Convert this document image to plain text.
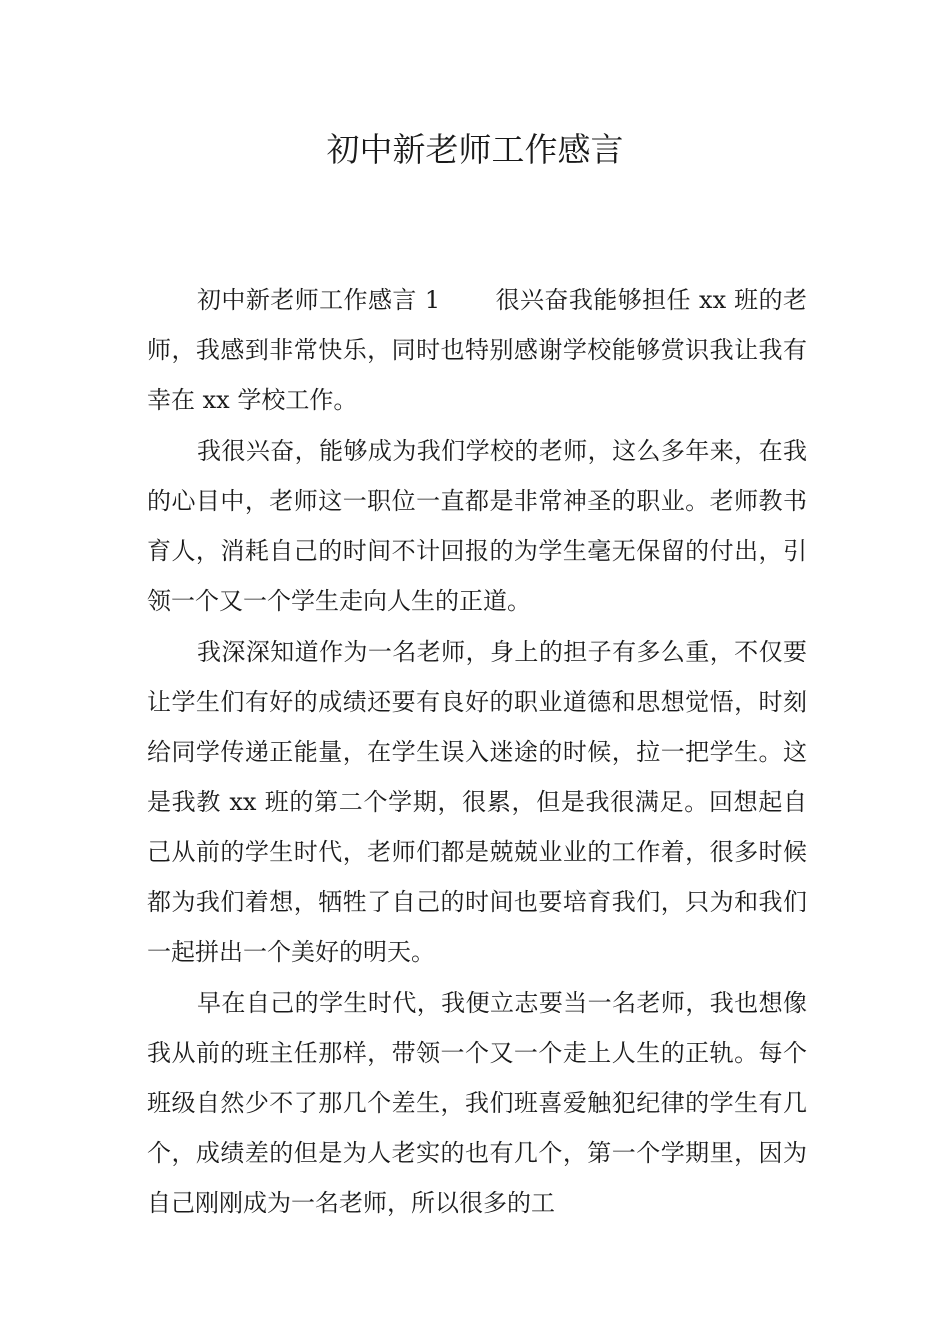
初中新老师工作感言

初中新老师工作感言 1 很兴奋我能够担任 xx 班的老师，我感到非常快乐，同时也特别感谢学校能够赏识我让我有幸在 xx 学校工作。

我很兴奋，能够成为我们学校的老师，这么多年来，在我的心目中，老师这一职位一直都是非常神圣的职业。老师教书育人，消耗自己的时间不计回报的为学生毫无保留的付出，引领一个又一个学生走向人生的正道。

我深深知道作为一名老师，身上的担子有多么重，不仅要让学生们有好的成绩还要有良好的职业道德和思想觉悟，时刻给同学传递正能量，在学生误入迷途的时候，拉一把学生。这是我教 xx 班的第二个学期，很累，但是我很满足。回想起自己从前的学生时代，老师们都是兢兢业业的工作着，很多时候都为我们着想，牺牲了自己的时间也要培育我们，只为和我们一起拼出一个美好的明天。

早在自己的学生时代，我便立志要当一名老师，我也想像我从前的班主任那样，带领一个又一个走上人生的正轨。每个班级自然少不了那几个差生，我们班喜爱触犯纪律的学生有几个，成绩差的但是为人老实的也有几个，第一个学期里，因为自己刚刚成为一名老师，所以很多的工
